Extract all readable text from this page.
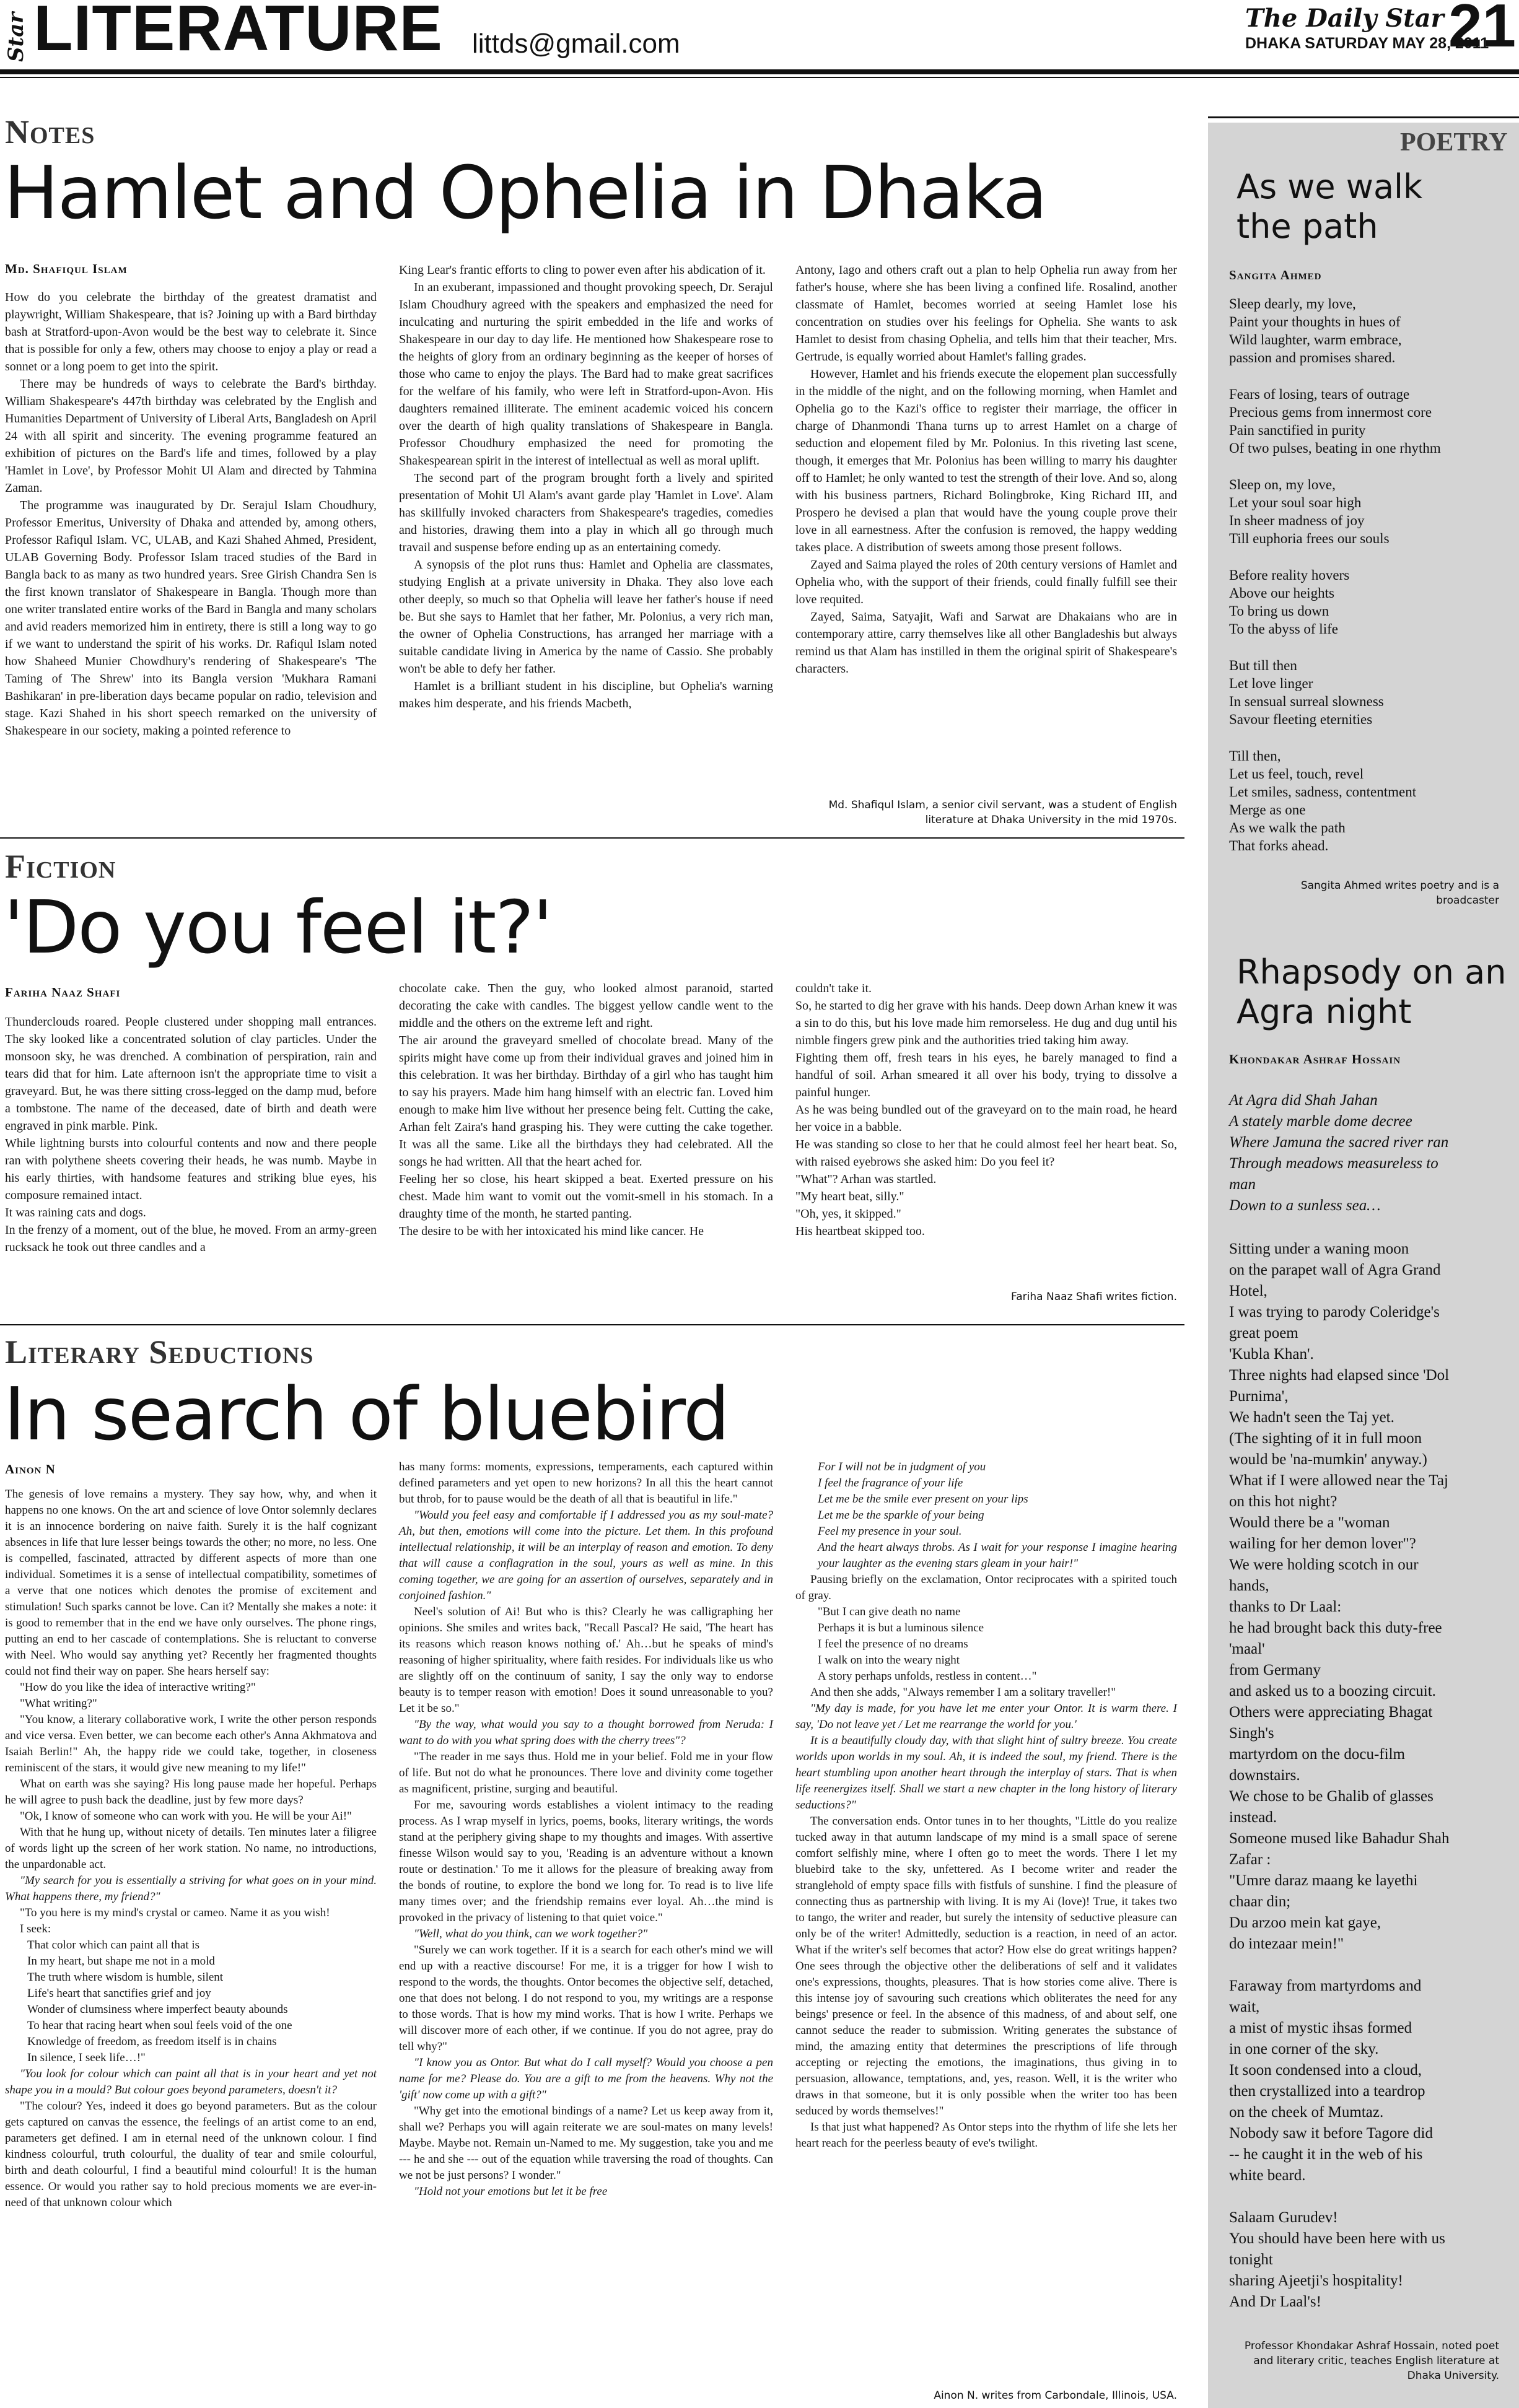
Star LITERATURE littds@gmail.com
The Daily Star
DHAKA SATURDAY MAY 28, 2011
21
Notes
Hamlet and Ophelia in Dhaka
Md. Shafiqul Islam

How do you celebrate the birthday of the greatest dramatist and playwright, William Shakespeare, that is? Joining up with a Bard birthday bash at Stratford-upon-Avon would be the best way to celebrate it. Since that is possible for only a few, others may choose to enjoy a play or read a sonnet or a long poem to get into the spirit.

There may be hundreds of ways to celebrate the Bard's birthday. William Shakespeare's 447th birthday was celebrated by the English and Humanities Department of University of Liberal Arts, Bangladesh on April 24 with all spirit and sincerity. The evening programme featured an exhibition of pictures on the Bard's life and times, followed by a play 'Hamlet in Love', by Professor Mohit Ul Alam and directed by Tahmina Zaman.

The programme was inaugurated by Dr. Serajul Islam Choudhury, Professor Emeritus, University of Dhaka and attended by, among others, Professor Rafiqul Islam. VC, ULAB, and Kazi Shahed Ahmed, President, ULAB Governing Body. Professor Islam traced studies of the Bard in Bangla back to as many as two hundred years. Sree Girish Chandra Sen is the first known translator of Shakespeare in Bangla. Though more than one writer translated entire works of the Bard in Bangla and many scholars and avid readers memorized him in entirety, there is still a long way to go if we want to understand the spirit of his works. Dr. Rafiqul Islam noted how Shaheed Munier Chowdhury's rendering of Shakespeare's 'The Taming of The Shrew' into its Bangla version 'Mukhara Ramani Bashikaran' in pre-liberation days became popular on radio, television and stage. Kazi Shahed in his short speech remarked on the university of Shakespeare in our society, making a pointed reference to

King Lear's frantic efforts to cling to power even after his abdication of it.

In an exuberant, impassioned and thought provoking speech, Dr. Serajul Islam Choudhury agreed with the speakers and emphasized the need for inculcating and nurturing the spirit embedded in the life and works of Shakespeare in our day to day life. He mentioned how Shakespeare rose to the heights of glory from an ordinary beginning as the keeper of horses of those who came to enjoy the plays. The Bard had to make great sacrifices for the welfare of his family, who were left in Stratford-upon-Avon. His daughters remained illiterate. The eminent academic voiced his concern over the dearth of high quality translations of Shakespeare in Bangla. Professor Choudhury emphasized the need for promoting the Shakespearean spirit in the interest of intellectual as well as moral uplift.

The second part of the program brought forth a lively and spirited presentation of Mohit Ul Alam's avant garde play 'Hamlet in Love'. Alam has skillfully invoked characters from Shakespeare's tragedies, comedies and histories, drawing them into a play in which all go through much travail and suspense before ending up as an entertaining comedy.

A synopsis of the plot runs thus: Hamlet and Ophelia are classmates, studying English at a private university in Dhaka. They also love each other deeply, so much so that Ophelia will leave her father's house if need be. But she says to Hamlet that her father, Mr. Polonius, a very rich man, the owner of Ophelia Constructions, has arranged her marriage with a suitable candidate living in America by the name of Cassio. She probably won't be able to defy her father.

Hamlet is a brilliant student in his discipline, but Ophelia's warning makes him desperate, and his friends Macbeth,

Antony, Iago and others craft out a plan to help Ophelia run away from her father's house, where she has been living a confined life. Rosalind, another classmate of Hamlet, becomes worried at seeing Hamlet lose his concentration on studies over his feelings for Ophelia. She wants to ask Hamlet to desist from chasing Ophelia, and tells him that their teacher, Mrs. Gertrude, is equally worried about Hamlet's falling grades.

However, Hamlet and his friends execute the elopement plan successfully in the middle of the night, and on the following morning, when Hamlet and Ophelia go to the Kazi's office to register their marriage, the officer in charge of Dhanmondi Thana turns up to arrest Hamlet on a charge of seduction and elopement filed by Mr. Polonius. In this riveting last scene, though, it emerges that Mr. Polonius has been willing to marry his daughter off to Hamlet; he only wanted to test the strength of their love. And so, along with his business partners, Richard Bolingbroke, King Richard III, and Prospero he devised a plan that would have the young couple prove their love in all earnestness. After the confusion is removed, the happy wedding takes place. A distribution of sweets among those present follows.

Zayed and Saima played the roles of 20th century versions of Hamlet and Ophelia who, with the support of their friends, could finally fulfill see their love requited.

Zayed, Saima, Satyajit, Wafi and Sarwat are Dhakaians who are in contemporary attire, carry themselves like all other Bangladeshis but always remind us that Alam has instilled in them the original spirit of Shakespeare's characters.

Md. Shafiqul Islam, a senior civil servant, was a student of English literature at Dhaka University in the mid 1970s.
Fiction
'Do you feel it?'
Fariha Naaz Shafi

Thunderclouds roared. People clustered under shopping mall entrances. The sky looked like a concentrated solution of clay particles. Under the monsoon sky, he was drenched. A combination of perspiration, rain and tears did that for him. Late afternoon isn't the appropriate time to visit a graveyard. But, he was there sitting cross-legged on the damp mud, before a tombstone. The name of the deceased, date of birth and death were engraved in pink marble. Pink.

While lightning bursts into colourful contents and now and there people ran with polythene sheets covering their heads, he was numb. Maybe in his early thirties, with handsome features and striking blue eyes, his composure remained intact.

It was raining cats and dogs.

In the frenzy of a moment, out of the blue, he moved. From an army-green rucksack he took out three candles and a

chocolate cake. Then the guy, who looked almost paranoid, started decorating the cake with candles. The biggest yellow candle went to the middle and the others on the extreme left and right.

The air around the graveyard smelled of chocolate bread. Many of the spirits might have come up from their individual graves and joined him in this celebration. It was her birthday. Birthday of a girl who has taught him to say his prayers. Made him hang himself with an electric fan. Loved him enough to make him live without her presence being felt. Cutting the cake, Arhan felt Zaira's hand grasping his. They were cutting the cake together. It was all the same. Like all the birthdays they had celebrated. All the songs he had written. All that the heart ached for.

Feeling her so close, his heart skipped a beat. Exerted pressure on his chest. Made him want to vomit out the vomit-smell in his stomach. In a draughty time of the month, he started panting.

The desire to be with her intoxicated his mind like cancer. He

couldn't take it.

So, he started to dig her grave with his hands. Deep down Arhan knew it was a sin to do this, but his love made him remorseless. He dug and dug until his nimble fingers grew pink and the authorities tried taking him away.

Fighting them off, fresh tears in his eyes, he barely managed to find a handful of soil. Arhan smeared it all over his body, trying to dissolve a painful hunger.

As he was being bundled out of the graveyard on to the main road, he heard her voice in a babble.

He was standing so close to her that he could almost feel her heart beat. So, with raised eyebrows she asked him: Do you feel it?

"What"? Arhan was startled.

"My heart beat, silly."

"Oh, yes, it skipped."

His heartbeat skipped too.

Fariha Naaz Shafi writes fiction.
Literary Seductions
In search of bluebird
Ainon N

The genesis of love remains a mystery. They say how, why, and when it happens no one knows. On the art and science of love Ontor solemnly declares it is an innocence bordering on naive faith. Surely it is the half cognizant absences in life that lure lesser beings towards the other; no more, no less. One is compelled, fascinated, attracted by different aspects of more than one individual. Sometimes it is a sense of intellectual compatibility, sometimes of a verve that one notices which denotes the promise of excitement and stimulation! Such sparks cannot be love. Can it? Mentally she makes a note: it is good to remember that in the end we have only ourselves. The phone rings, putting an end to her cascade of contemplations. She is reluctant to converse with Neel. Who would say anything yet? Recently her fragmented thoughts could not find their way on paper. She hears herself say:

"How do you like the idea of interactive writing?"

"What writing?"

"You know, a literary collaborative work, I write the other person responds and vice versa. Even better, we can become each other's Anna Akhmatova and Isaiah Berlin!" Ah, the happy ride we could take, together, in closeness reminiscent of the stars, it would give new meaning to my life!"

What on earth was she saying? His long pause made her hopeful. Perhaps he will agree to push back the deadline, just by few more days?

"Ok, I know of someone who can work with you. He will be your Ai!"

With that he hung up, without nicety of details. Ten minutes later a filigree of words light up the screen of her work station. No name, no introductions, the unpardonable act.

"My search for you is essentially a striving for what goes on in your mind. What happens there, my friend?"

"To you here is my mind's crystal or cameo. Name it as you wish!

I seek:

That color which can paint all that is

In my heart, but shape me not in a mold

The truth where wisdom is humble, silent

Life's heart that sanctifies grief and joy

Wonder of clumsiness where imperfect beauty abounds

To hear that racing heart when soul feels void of the one

Knowledge of freedom, as freedom itself is in chains

In silence, I seek life…!"

"You look for colour which can paint all that is in your heart and yet not shape you in a mould? But colour goes beyond parameters, doesn't it?

"The colour? Yes, indeed it does go beyond parameters. But as the colour gets captured on canvas the essence, the feelings of an artist come to an end, parameters get defined. I am in eternal need of the unknown colour. I find kindness colourful, truth colourful, the duality of tear and smile colourful, birth and death colourful, I find a beautiful mind colourful! It is the human essence. Or would you rather say to hold precious moments we are ever-in-need of that unknown colour which

has many forms: moments, expressions, temperaments, each captured within defined parameters and yet open to new horizons? In all this the heart cannot but throb, for to pause would be the death of all that is beautiful in life."

"Would you feel easy and comfortable if I addressed you as my soul-mate? Ah, but then, emotions will come into the picture. Let them. In this profound intellectual relationship, it will be an interplay of reason and emotion. To deny that will cause a conflagration in the soul, yours as well as mine. In this coming together, we are going for an assertion of ourselves, separately and in conjoined fashion."

Neel's solution of Ai! But who is this? Clearly he was calligraphing her opinions. She smiles and writes back, "Recall Pascal? He said, 'The heart has its reasons which reason knows nothing of.' Ah…but he speaks of mind's reasoning of higher spirituality, where faith resides. For individuals like us who are slightly off on the continuum of sanity, I say the only way to endorse beauty is to temper reason with emotion! Does it sound unreasonable to you? Let it be so."

"By the way, what would you say to a thought borrowed from Neruda: I want to do with you what spring does with the cherry trees"?

"The reader in me says thus. Hold me in your belief. Fold me in your flow of life. But not do what he pronounces. There love and divinity come together as magnificent, pristine, surging and beautiful.

For me, savouring words establishes a violent intimacy to the reading process. As I wrap myself in lyrics, poems, books, literary writings, the words stand at the periphery giving shape to my thoughts and images. With assertive finesse Wilson would say to you, 'Reading is an adventure without a known route or destination.' To me it allows for the pleasure of breaking away from the bonds of routine, to explore the bond we long for. To read is to live life many times over; and the friendship remains ever loyal. Ah…the mind is provoked in the privacy of listening to that quiet voice."

"Well, what do you think, can we work together?"

"Surely we can work together. If it is a search for each other's mind we will end up with a reactive discourse! For me, it is a trigger for how I wish to respond to the words, the thoughts. Ontor becomes the objective self, detached, one that does not belong. I do not respond to you, my writings are a response to those words. That is how my mind works. That is how I write. Perhaps we will discover more of each other, if we continue. If you do not agree, pray do tell why?"

"I know you as Ontor. But what do I call myself? Would you choose a pen name for me? Please do. You are a gift to me from the heavens. Why not the 'gift' now come up with a gift?"

"Why get into the emotional bindings of a name? Let us keep away from it, shall we? Perhaps you will again reiterate we are soul-mates on many levels! Maybe. Maybe not. Remain un-Named to me. My suggestion, take you and me --- he and she --- out of the equation while traversing the road of thoughts. Can we not be just persons? I wonder."

"Hold not your emotions but let it be free

For I will not be in judgment of you

I feel the fragrance of your life

Let me be the smile ever present on your lips

Let me be the sparkle of your being

Feel my presence in your soul.

And the heart always throbs. As I wait for your response I imagine hearing your laughter as the evening stars gleam in your hair!"

Pausing briefly on the exclamation, Ontor reciprocates with a spirited touch of gray.

"But I can give death no name

Perhaps it is but a luminous silence

I feel the presence of no dreams

I walk on into the weary night

A story perhaps unfolds, restless in content…"

And then she adds, "Always remember I am a solitary traveller!"

"My day is made, for you have let me enter your Ontor. It is warm there. I say, 'Do not leave yet / Let me rearrange the world for you.'

It is a beautifully cloudy day, with that slight hint of sultry breeze. You create worlds upon worlds in my soul. Ah, it is indeed the soul, my friend. There is the heart stumbling upon another heart through the interplay of stars. That is when life reenergizes itself. Shall we start a new chapter in the long history of literary seductions?"

The conversation ends. Ontor tunes in to her thoughts, "Little do you realize tucked away in that autumn landscape of my mind is a small space of serene comfort selfishly mine, where I often go to meet the words. There I let my bluebird take to the sky, unfettered. As I become writer and reader the stranglehold of empty space fills with fistfuls of sunshine. I find the pleasure of connecting thus as partnership with living. It is my Ai (love)! True, it takes two to tango, the writer and reader, but surely the intensity of seductive pleasure can only be of the writer! Admittedly, seduction is a reaction, in need of an actor. What if the writer's self becomes that actor? How else do great writings happen? One sees through the objective other the deliberations of self and it validates one's expressions, thoughts, pleasures. That is how stories come alive. There is this intense joy of savouring such creations which obliterates the need for any beings' presence or feel. In the absence of this madness, of and about self, one cannot seduce the reader to submission. Writing generates the substance of mind, the amazing entity that determines the prescriptions of life through accepting or rejecting the emotions, the imaginations, thus giving in to persuasion, allowance, temptations, and, yes, reason. Well, it is the writer who draws in that someone, but it is only possible when the writer too has been seduced by words themselves!"

Is that just what happened? As Ontor steps into the rhythm of life she lets her heart reach for the peerless beauty of eve's twilight.

Ainon N. writes from Carbondale, Illinois, USA.
POETRY
As we walk the path
Sangita Ahmed
Sleep dearly, my love,
Paint your thoughts in hues of
Wild laughter, warm embrace,
passion and promises shared.
Fears of losing, tears of outrage
Precious gems from innermost core
Pain sanctified in purity
Of two pulses, beating in one rhythm
Sleep on, my love,
Let your soul soar high
In sheer madness of joy
Till euphoria frees our souls
Before reality hovers
Above our heights
To bring us down
To the abyss of life
But till then
Let love linger
In sensual surreal slowness
Savour fleeting eternities
Till then,
Let us feel, touch, revel
Let smiles, sadness, contentment
Merge as one
As we walk the path
That forks ahead.
Sangita Ahmed writes poetry and is a broadcaster
Rhapsody on an Agra night
Khondakar Ashraf Hossain
At Agra did Shah Jahan
A stately marble dome decree
Where Jamuna the sacred river ran
Through meadows measureless to
man
Down to a sunless sea…
Sitting under a waning moon
on the parapet wall of Agra Grand
Hotel,
I was trying to parody Coleridge's
great poem
'Kubla Khan'.
Three nights had elapsed since 'Dol
Purnima',
We hadn't seen the Taj yet.
(The sighting of it in full moon
would be 'na-mumkin' anyway.)
What if I were allowed near the Taj
on this hot night?
Would there be a "woman
wailing for her demon lover"?
We were holding scotch in our
hands,
thanks to Dr Laal:
he had brought back this duty-free
'maal'
from Germany
and asked us to a boozing circuit.
Others were appreciating Bhagat
Singh's
martyrdom on the docu-film
downstairs.
We chose to be Ghalib of glasses
instead.
Someone mused like Bahadur Shah
Zafar :
"Umre daraz maang ke layethi
chaar din;
Du arzoo mein kat gaye,
do intezaar mein!"
Faraway from martyrdoms and
wait,
a mist of mystic ihsas formed
in one corner of the sky.
It soon condensed into a cloud,
then crystallized into a teardrop
on the cheek of Mumtaz.
Nobody saw it before Tagore did
-- he caught it in the web of his
white beard.
Salaam Gurudev!
You should have been here with us
tonight
sharing Ajeetji's hospitality!
And Dr Laal's!
Professor Khondakar Ashraf Hossain, noted poet and literary critic, teaches English literature at Dhaka University.
